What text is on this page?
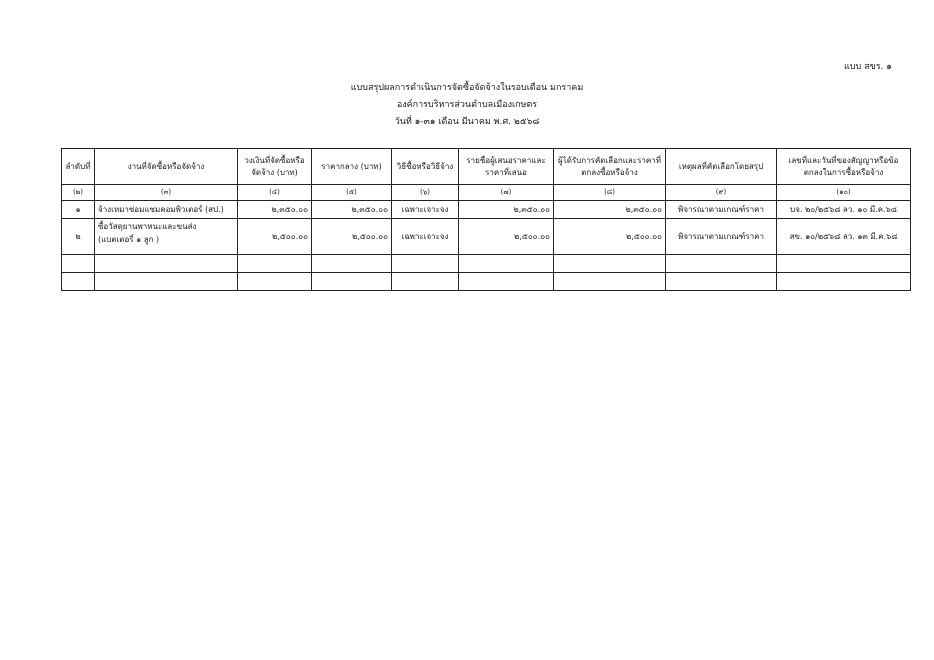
แบบ สขร. ๑
แบบสรุปผลการดำเนินการจัดซื้อจัดจ้างในรอบเดือน มกราคม
องค์การบริหารส่วนตำบลเมืองเกษตร
วันที่ ๑-๓๑ เดือน มีนาคม พ.ศ. ๒๕๖๘
ลำดับที่	งานที่จัดซื้อหรือจัดจ้าง	วงเงินที่จัดซื้อหรือจัดจ้าง (บาท)	ราคากลาง (บาท)	วิธีซื้อหรือวิธีจ้าง	รายชื่อผู้เสนอราคาและราคาที่เสนอ	ผู้ได้รับการคัดเลือกและราคาที่ตกลงซื้อหรือจ้าง	เหตุผลที่คัดเลือกโดยสรุป	เลขที่และวันที่ของสัญญาหรือข้อตกลงในการซื้อหรือจ้าง
(๒)	(๓)	(๔)	(๕)	(๖)	(๗)	(๘)	(๙)	(๑๐)
๑	จ้างเหมาซ่อมแซมคอมพิวเตอร์ (สป.)	๒,๓๕๐.๐๐	๒,๓๕๐.๐๐	เฉพาะเจาะจง	๒,๓๕๐.๐๐	๒,๓๕๐.๐๐	พิจารณาตามเกณฑ์ราคา	บจ. ๒๐/๒๕๖๘ ลว. ๑๐ มี.ค.๖๘
๒	ซื้อวัสดุยานพาหนะและขนส่ง (แบตเตอรี่ ๑ ลูก )	๒,๕๐๐.๐๐	๒,๕๐๐.๐๐	เฉพาะเจาะจง	๒,๕๐๐.๐๐	๒,๕๐๐.๐๐	พิจารณาตามเกณฑ์ราคา	สข. ๑๐/๒๕๖๘ ลว. ๑๓ มี.ค.๖๘
